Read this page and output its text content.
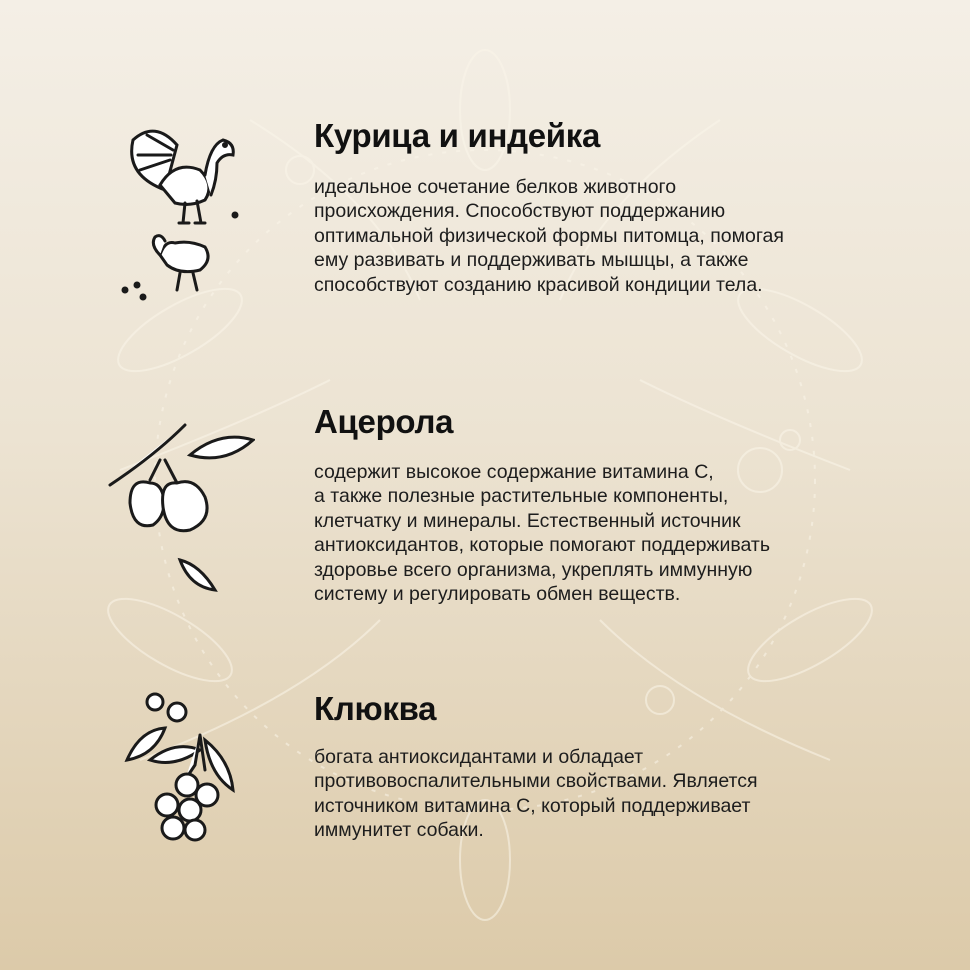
Курица и индейка
идеальное сочетание белков животного
происхождения. Способствуют поддержанию
оптимальной физической формы питомца, помогая
ему развивать и поддерживать мышцы, а также
способствуют созданию красивой кондиции тела.
Ацерола
содержит высокое содержание витамина С,
а также полезные растительные компоненты,
клетчатку и минералы. Естественный источник
антиоксидантов, которые помогают поддерживать
здоровье всего организма, укреплять иммунную
систему и регулировать обмен веществ.
Клюква
богата антиоксидантами и обладает
противовоспалительными свойствами. Является
источником витамина С, который поддерживает
иммунитет собаки.
